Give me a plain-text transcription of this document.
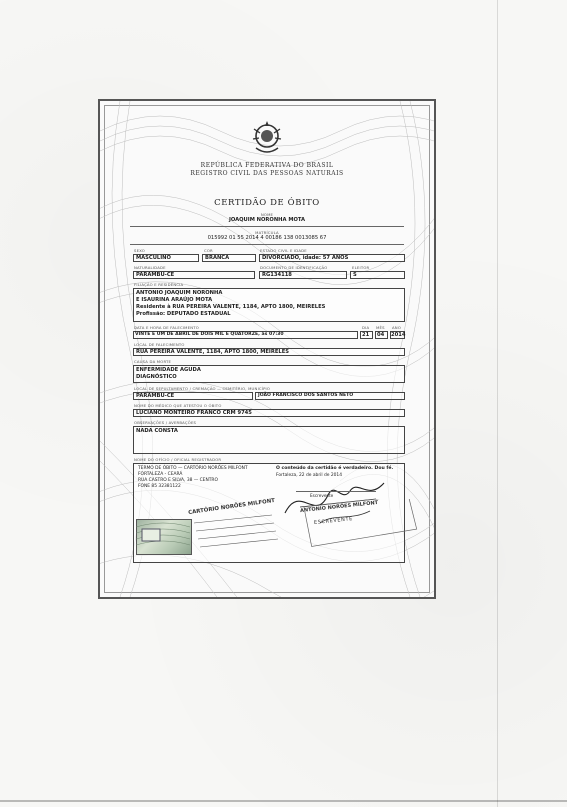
REPÚBLICA FEDERATIVA DO BRASIL
REGISTRO CIVIL DAS PESSOAS NATURAIS
CERTIDÃO DE ÓBITO
NOME
JOAQUIM NORONHA MOTA
MATRÍCULA
015992 01 55 2014 4 00186 138 0013085 67
SEXO	COR	ESTADO CIVIL E IDADE
MASCULINO	BRANCA	DIVORCIADO, idade: 57 ANOS
NATURALIDADE	DOCUMENTO DE IDENTIFICAÇÃO	ELEITOR
PARAMBU-CE	RG134118	S
FILIAÇÃO E RESIDÊNCIA
ANTONIO JOAQUIM NORONHA
E ISAURINA ARAÚJO MOTA
Residente à RUA PEREIRA VALENTE, 1184, APTO 1800, MEIRELES
Profissão: DEPUTADO ESTADUAL
DATA E HORA DE FALECIMENTO	DIA MÊS ANO
VINTE E UM DE ABRIL DE DOIS MIL E QUATORZE, às 07:30	21 04 2014
LOCAL DE FALECIMENTO
RUA PEREIRA VALENTE, 1184, APTO 1800, MEIRELES
CAUSA DA MORTE
ENFERMIDADE AGUDA
DIAGNÓSTICO
LOCAL DE SEPULTAMENTO / CREMAÇÃO — CEMITÉRIO, MUNICÍPIO
PARAMBU-CE	JOÃO FRANCISCO DOS SANTOS NETO
NOME DO MÉDICO QUE ATESTOU O ÓBITO
LUCIANO MONTEIRO FRANCO CRM 9745
OBSERVAÇÕES / AVERBAÇÕES
NADA CONSTA
NOME DO OFÍCIO / OFICIAL REGISTRADOR
TERMO DE ÓBITO — CARTÓRIO NORÕES MILFONT
FORTALEZA - CEARÁ
RUA CASTRO E SILVA, 38 — CENTRO
FONE 85 32381122
O conteúdo da certidão é verdadeiro. Dou fé.
Fortaleza, 22 de abril de 2014
Escrevente
CARTÓRIO NORÕES MILFONT	ANTONIO NORÕES MILFONT
ESCREVENTE
